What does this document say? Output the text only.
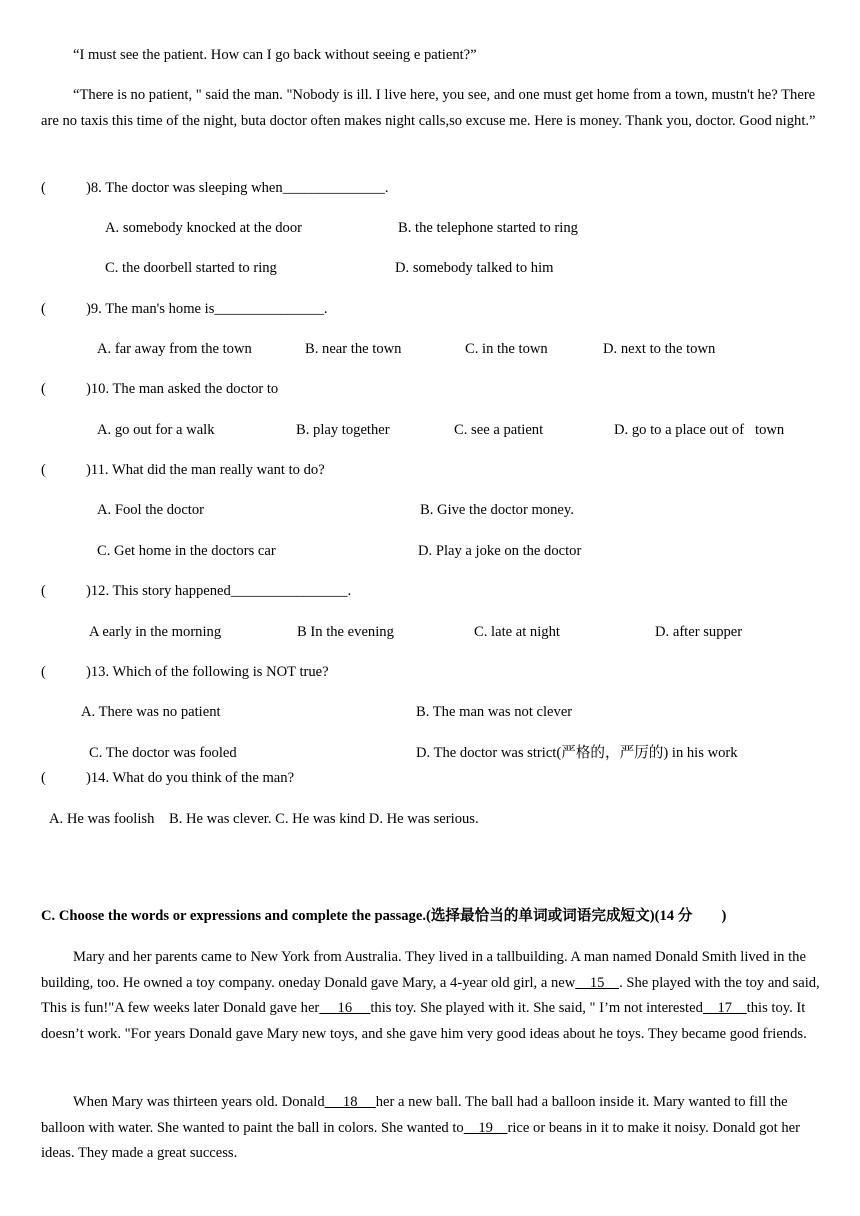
“I must see the patient. How can I go back without seeing e patient?”
“There is no patient, " said the man. "Nobody is ill. I live here, you see, and one must get home from a town, mustn't he? There are no taxis this time of the night, buta doctor often makes night calls,so excuse me. Here is money. Thank you, doctor. Good night.”
(	)8. The doctor was sleeping when______________.
A. somebody knocked at the door	B. the telephone started to ring
C. the doorbell started to ring	D. somebody talked to him
(	)9. The man's home is_______________.
A. far away from the town	B. near the town	C. in the town	D. next to the town
(	)10. The man asked the doctor to
A. go out for a walk	B. play together	C. see a patient	D. go to a place out of   town
(	)11. What did the man really want to do?
A. Fool the doctor	B. Give the doctor money.
C. Get home in the doctors car	D. Play a joke on the doctor
(	)12. This story happened________________.
A early in the morning	B In the evening	C. late at night	D. after supper
(	)13. Which of the following is NOT true?
A. There was no patient	B. The man was not clever
C. The doctor was fooled	D. The doctor was strict(严格的，严厉的) in his work
(	)14. What do you think of the man?
A. He was foolish    B. He was clever. C. He was kind D. He was serious.
C. Choose the words or expressions and complete the passage.(选择最恰当的单词或词语完成短文)(14 分        )
Mary and her parents came to New York from Australia. They lived in a tallbuilding. A man named Donald Smith lived in the building, too. He owned a toy company. oneday Donald gave Mary, a 4-year old girl, a new    15    . She played with the toy and said, This is fun!"A few weeks later Donald gave her     16     this toy. She played with it. She said, " I’m not interested    17    this toy. It doesn’t work. "For years Donald gave Mary new toys, and she gave him very good ideas about he toys. They became good friends.
When Mary was thirteen years old. Donald     18     her a new ball. The ball had a balloon inside it. Mary wanted to fill the balloon with water. She wanted to paint the ball in colors. She wanted to    19    rice or beans in it to make it noisy. Donald got her ideas. They made a great success.
